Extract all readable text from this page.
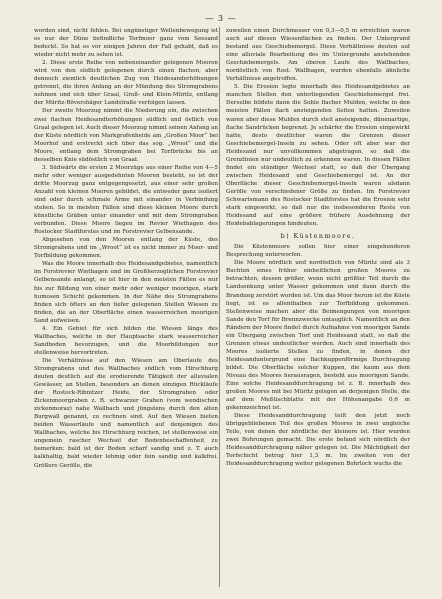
— 3 —

worden sind, nicht fehlen. Bei ungünstiger Wellenbewegung ist es nur der Düne befindliche Torfmoor ganz vom Seesand bedeckt. So hat es vor einigen Jahren der Fall gehabt, daß es wieder nicht mehr zu sehen ist.

2. Diese erste Reihe von nebeneinander gelegenen Mooren wird von den südlich gelegenen durch einen flachen, aber dennoch ziemlich deutlichen Zug von Heidesanderhöhungen getrennt, die ihren Anfang an der Mündung des Stromgrabens nehmen und sich über Graal, Groß- und Klein-Müritz, entlang der Müritz-Rövershäger Landstraße verfolgen lassen.

Der zweite Moorzug nimmt die Niederung ein, die zwischen zwei flachen Heidesandterhöhungen südlich und östlich von Graal gelegen ist. Auch dieser Moorzug nimmt seinen Anfang an der Küste nördlich von Markgrafenheide am „Großen Moor“ bei Moorhof und erstreckt sich über das sog. „Wroot“ und die Moore, entlang dem Stromgraben bei Torfbrücke bis an desselben Knie südöstlich von Graal.

3. Südwärts die ersten 2 Moorzüge aus einer Reihe von 4—5 mehr oder weniger ausgedehnten Mooren besteht, so ist der dritte Moorzug ganz entgegengesetzt, aus einer sehr großen Anzahl von kleinen Mooren gebildet, die entweder ganz isoliert sind oder durch schmale Arme mit einander in Verbindung stehen. So in meisten Fällen sind diese kleinen Moore durch künstliche Gräben unter einander und mit dem Stromgraben verbunden. Diese Moore liegen im Revier Wiethagen des Rostocker Stadtforstes und im Forstrevier Gelbensande.

Abgesehen von den Mooren entlang der Küste, des Stromgrabens und im „Wroot“ ist es nicht immer zu Moor- und Torfbildung gekommen.

Was die Moore innerhalb des Heidesandgebietes, namentlich im Forstrevier Wiethagen und im Großherzoglichen Forstrevier Gelbensande anlangt, so ist hier in den meisten Fällen es nur bis zur Bildung von einer mehr oder weniger moorigen, stark humosen Schicht gekommen. In der Nähe des Stromgrabens finden sich öfters an den tiefer gelegenen Stellen Wiesen zu finden, die an der Oberfläche einen wasserreichen moorigen Sand aufweisen.

4. Ein Gebiet für sich bilden die Wiesen längs des Wallbaches, welche in der Hauptsache stark wasserreicher Sandboden bevorzugen, und die Moorbildungen nur stellenweise hervortreten.

Die Verhältnisse auf den Wiesen am Oberlaufe des Stromgrabens und des Wallbaches südlich vom Hirschburg deuten deutlich auf die erodierende Tätigkeit der alluvialen Gewässer, an Stellen, besonders an denen einzigen Rückläufe der Rostock-Ribnitzer Heide, der Stromgraben oder Zickenmoorgraben z. B. schwarzer Graben (vom wendischen zickenmoraz) nahe Wallbach und jüngstens durch den alten Burgwall genannt, zu rechnen sind. Auf den Wiesen bieten beiden Wasserläufe und namentlich auf denjenigen des Wallbaches, welche bis Hirschburg reichen, ist stellenweise ein ungemein rascher Wechsel der Bodenbeschaffenheit zu bemerken; bald ist der Boden scharf sandig und z. T. auch kalkhaltig, bald wieder lehmig oder fein sandig und kalkfrei. Größere Gerölle, die

zuweilen einen Durchmesser von 0,3—0,5 m erreichten waren auch auf diesen Wiesenflächen zu finden. Der Untergrund bestand aus Geschiebemergel. Diese Verhältnisse deuten auf eine alluviale Bearbeitung des im Untergrunde anstehenden Geschiebemergels. Am oberen Laufe des Wallbaches, nordöstlich von Rost. Wallbagen, wurden ebenfalls ähnliche Verhältnisse angetroffen.

5. Die Erosion legte innerhalb des Heidesandgebietes an manchen Stellen den unterliegenden Geschiebemergel frei. Derselbe bildete dann die Sohle flacher Mulden, welche in den meisten Fällen flach ansteigenden Seiten hatten. Zuweilen waren aber diese Mulden durch steil ansteigende, dünenartige, flache Sandrücken begrenzt. Je schärfer die Erosion eingewirkt hatte, desto deutlicher waren die Grenzen dieser Geschiebemergel-Inseln zu sehen. Oder oft aber war der Heidesand nur unvollkommen abgetragen, so daß die Grenzlinien nur undeutlich zu erkennen waren. In diesen Fällen findet ein ständiger Wechsel statt, so daß der Übergang zwischen Heidesand und Geschiebemergel ist. An der Oberfläche dieser Geschiebemergel-Inseln waren alsdann Gerölle von verschiedener Größe zu finden. Im Forstrevier Schwartsmann des Rostocker Stadtforstes hat die Erosion sehr stark eingewirkt, so daß nur die insbesonderen Reste von Heidesand auf eine größere frühere Ausdehnung der Heidebablagerungen hindeuten.

b) Küstenmoore.

Die Küstenmoore sollen hier einer eingehenderen Besprechung unterworfen.

Die Moore nördlich und nordöstlich von Müritz sind als 3 Buchten eines früher einheitlichen großen Moores zu betrachten, dessen größer, wenn nicht größter Teil durch die Landsenkung unter Wasser gekommen und dann durch die Brandung zerstört worden ist. Um das Moor herum ist die Küste liegt, ist es allenthalben zur Torfbildung gekommen. Stellenweise machen aber die Beimengungen von moorigen Sande den Torf für Brennzwecke untauglich. Namentlich an den Rändern der Moore findet durch Aufnahme von moorigen Sande ein Übergang zwischen Torf und Heidesand statt, so daß die Grenzen etwas undeutlicher werden. Auch sind innerhalb des Moores isolierte Stellen zu finden, in denen der Heidesanduntergrund eine flachkuppenförmige Durchragung bildet. Die Oberfläche solcher Kuppen, die kaum aus dem Niveau des Moores herausragen, besteht aus moorigem Sande. Eine solche Heidesanddurchragung ist z. B. innerhalb des großen Moores mit bei Müritz gelegen an derjenigen Stelle, die auf dem Meßtischblatte mit der Höhenangabe 0,6 m gekennzeichnet ist.

Diese Heidesanddurchragung teilt den jetzt noch übriggebliebenen Teil des großen Moores in zwei ungleiche Teile, von denen der nördliche der kleinere ist. Hier wurden zwei Bohrungen gemacht. Die erste befand sich nördlich der Heidesanddurchragung näher gelegen ist. Die Mächtigkeit der Torfschicht betrug hier 1,3 m. Im zweiten von der Heidesanddurchragung weiter gelegenen Bohrloch wuchs die
